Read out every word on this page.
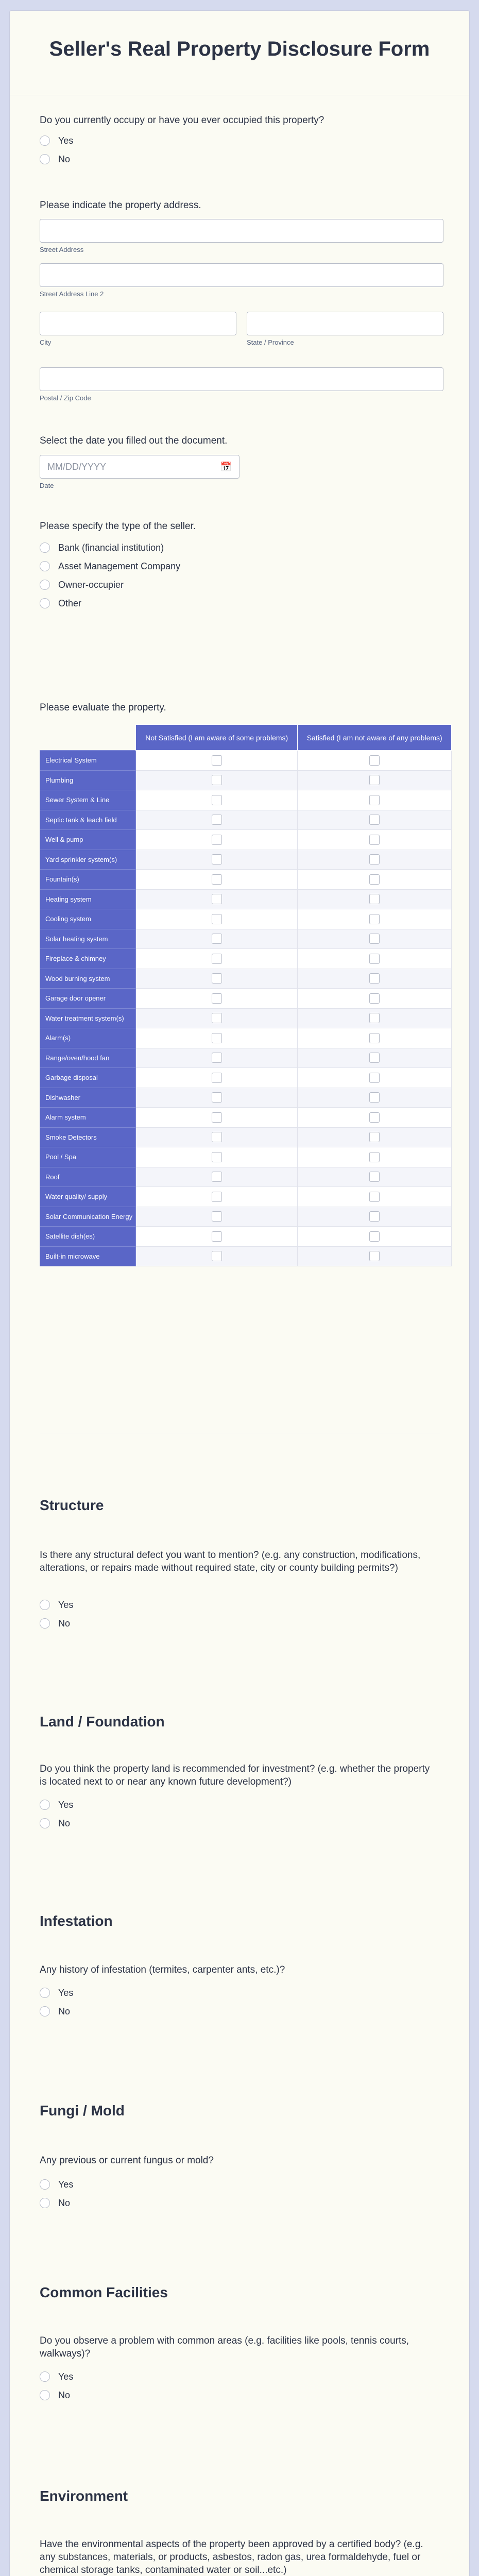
Seller's Real Property Disclosure Form
Do you currently occupy or have you ever occupied this property?
Yes
No
Please indicate the property address.
Street Address
Street Address Line 2
City	State / Province
Postal / Zip Code
Select the date you filled out the document.
MM/DD/YYYY	📅
Date
Please specify the type of the seller.
Bank (financial institution)
Asset Management Company
Owner-occupier
Other
Please evaluate the property.
	Not Satisfied (I am aware of some problems)	Satisfied (I am not aware of any problems)
Electrical System		
Plumbing		
Sewer System & Line		
Septic tank & leach field		
Well & pump		
Yard sprinkler system(s)		
Fountain(s)		
Heating system		
Cooling system		
Solar heating system		
Fireplace & chimney		
Wood burning system		
Garage door opener		
Water treatment system(s)		
Alarm(s)		
Range/oven/hood fan		
Garbage disposal		
Dishwasher		
Alarm system		
Smoke Detectors		
Pool / Spa		
Roof		
Water quality/ supply		
Solar Communication Energy		
Satellite dish(es)		
Built-in microwave		
Structure
Is there any structural defect you want to mention? (e.g. any construction, modifications, alterations, or repairs made without required state, city or county building permits?)
Yes
No
Land / Foundation
Do you think the property land is recommended for investment? (e.g. whether the property is located next to or near any known future development?)
Yes
No
Infestation
Any history of infestation (termites, carpenter ants, etc.)?
Yes
No
Fungi / Mold
Any previous or current fungus or mold?
Yes
No
Common Facilities
Do you observe a problem with common areas (e.g. facilities like pools, tennis courts, walkways)?
Yes
No
Environment
Have the environmental aspects of the property been approved by a certified body? (e.g. any substances, materials, or products, asbestos, radon gas, urea formaldehyde, fuel or chemical storage tanks, contaminated water or soil...etc.)
